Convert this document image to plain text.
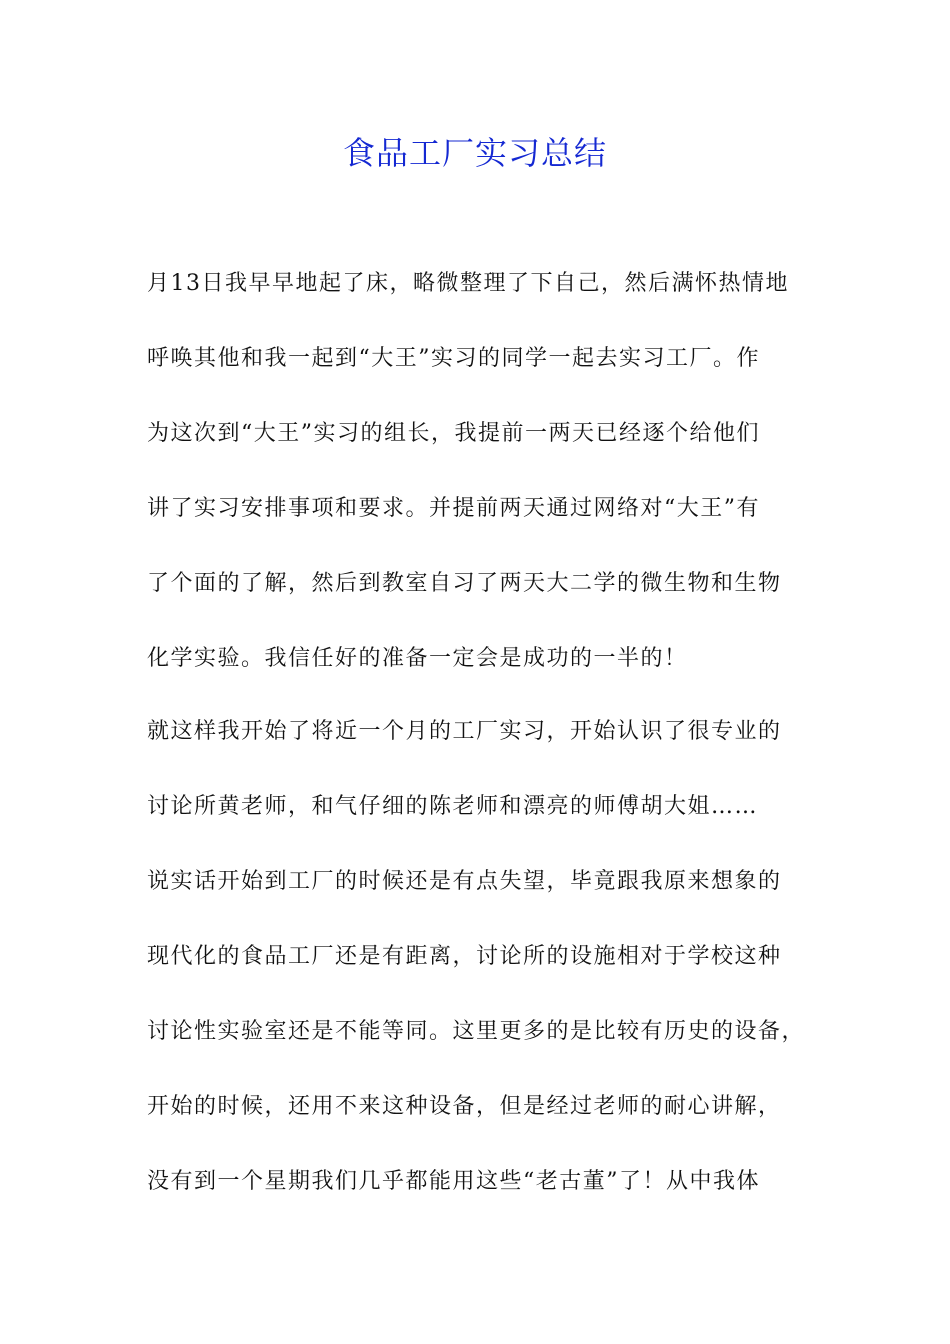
食品工厂实习总结

月13日我早早地起了床，略微整理了下自己，然后满怀热情地

呼唤其他和我一起到“大王”实习的同学一起去实习工厂。作

为这次到“大王”实习的组长，我提前一两天已经逐个给他们

讲了实习安排事项和要求。并提前两天通过网络对“大王”有

了个面的了解，然后到教室自习了两天大二学的微生物和生物

化学实验。我信任好的准备一定会是成功的一半的！

就这样我开始了将近一个月的工厂实习，开始认识了很专业的

讨论所黄老师，和气仔细的陈老师和漂亮的师傅胡大姐……

说实话开始到工厂的时候还是有点失望，毕竟跟我原来想象的

现代化的食品工厂还是有距离，讨论所的设施相对于学校这种

讨论性实验室还是不能等同。这里更多的是比较有历史的设备，

开始的时候，还用不来这种设备，但是经过老师的耐心讲解，

没有到一个星期我们几乎都能用这些“老古董”了！从中我体
